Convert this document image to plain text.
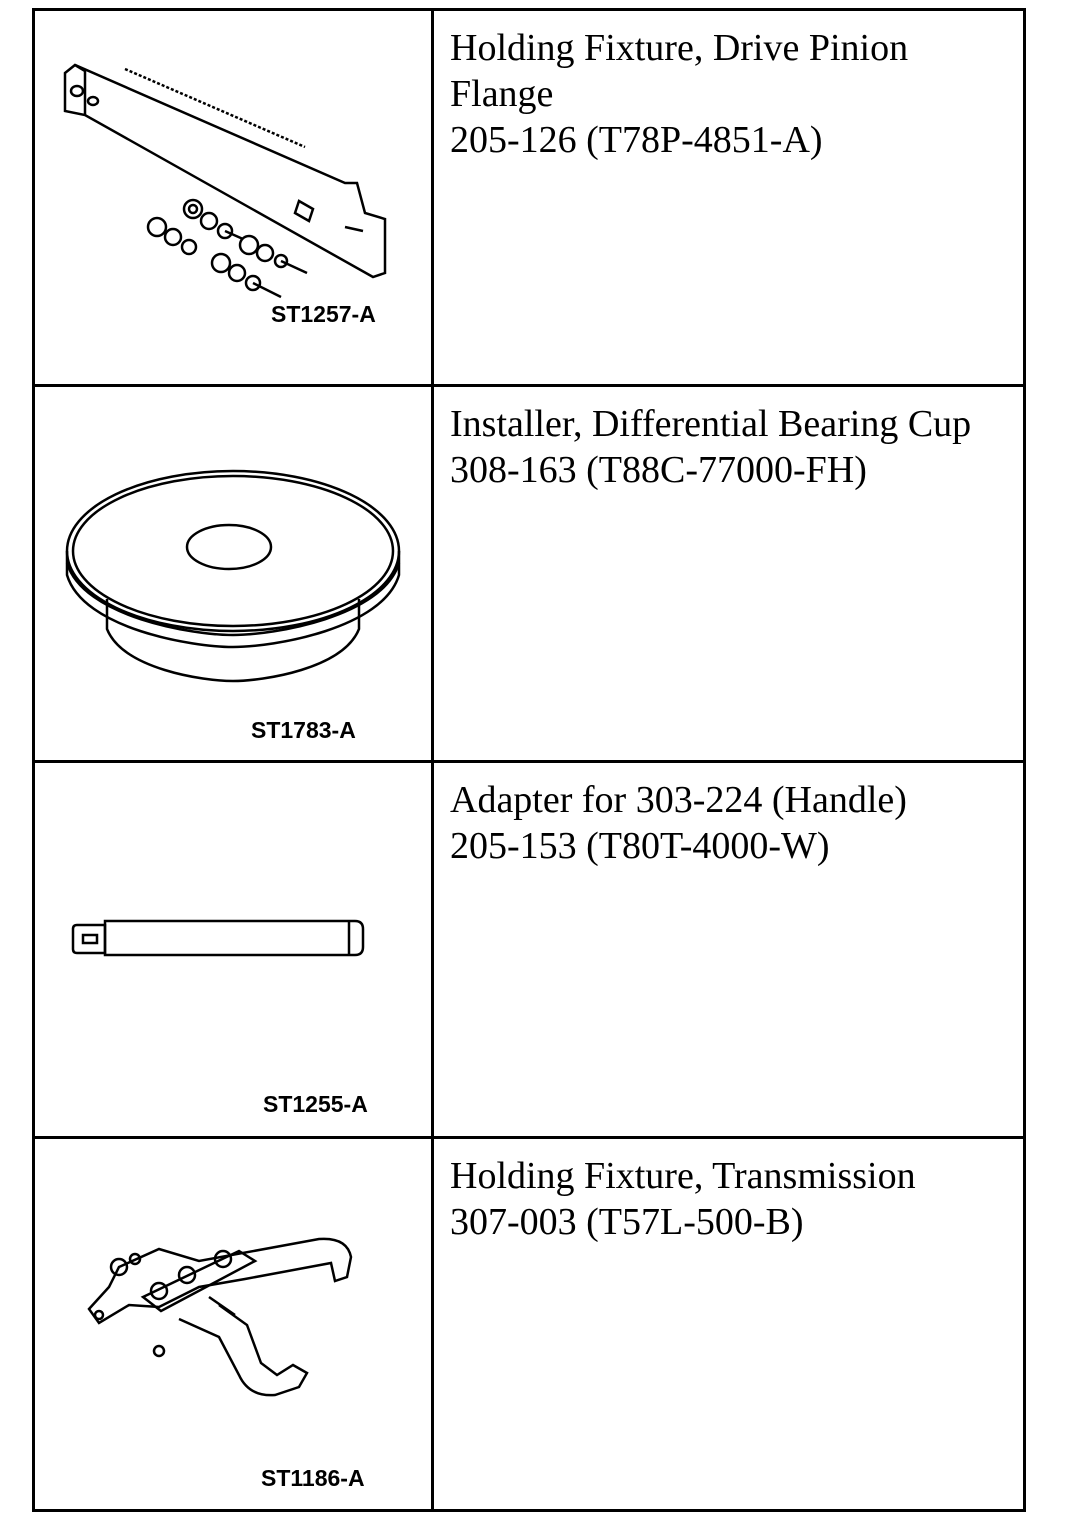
ST1257-A

Holding Fixture, Drive Pinion Flange

205-126 (T78P-4851-A)

ST1783-A

Installer, Differential Bearing Cup

308-163 (T88C-77000-FH)

ST1255-A

Adapter for 303-224 (Handle)

205-153 (T80T-4000-W)

ST1186-A

Holding Fixture, Transmission

307-003 (T57L-500-B)
